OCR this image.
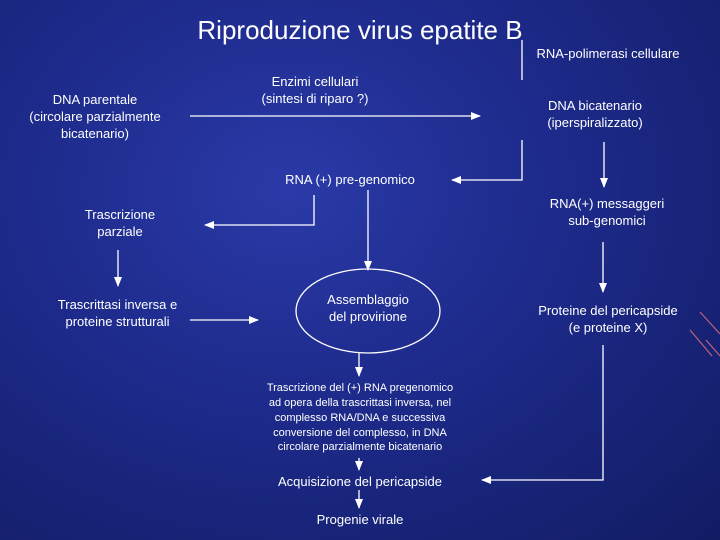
Riproduzione virus epatite B
RNA-polimerasi cellulare
DNA parentale
(circolare parzialmente
bicatenario)
Enzimi cellulari
(sintesi di riparo ?)	DNA bicatenario
(iperspiralizzato)
RNA (+) pre-genomico
Trascrizione
parziale
RNA(+) messaggeri
sub-genomici
Trascrittasi inversa e
proteine strutturali
Assemblaggio
del provirione	Proteine del pericapside
(e proteine X)
Trascrizione del (+) RNA pregenomico
ad opera della trascrittasi inversa, nel
complesso RNA/DNA e successiva
conversione del complesso, in DNA
circolare parzialmente bicatenario
Acquisizione del pericapside
Progenie virale
